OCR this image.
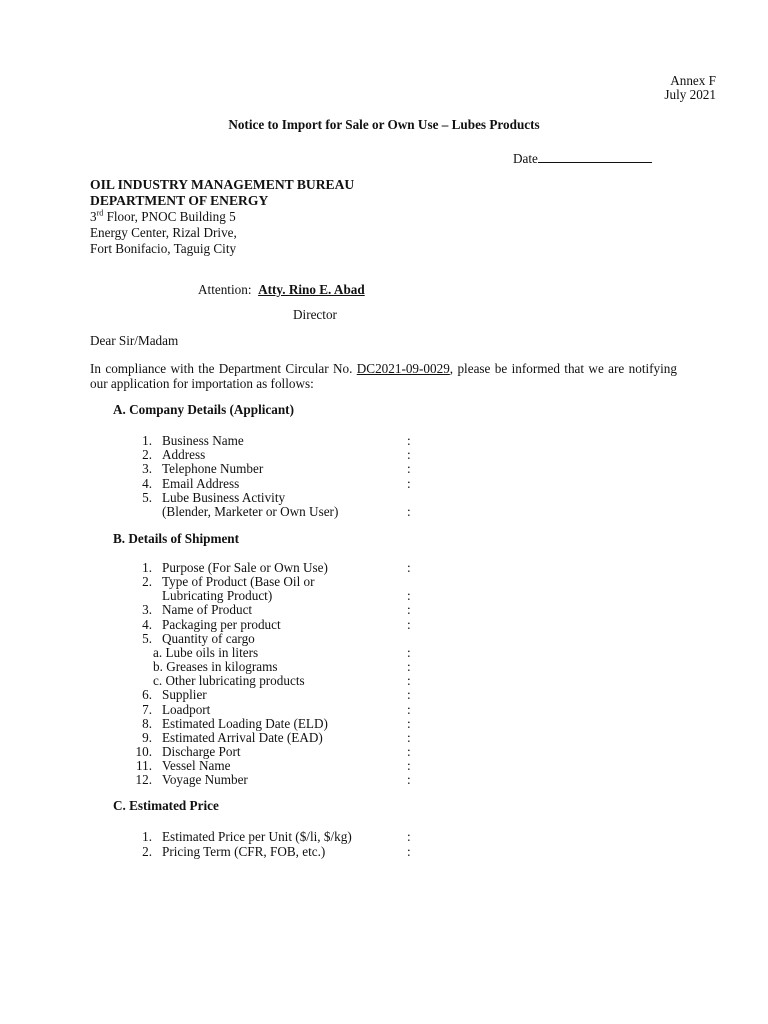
Annex F
July 2021
Notice to Import for Sale or Own Use – Lubes Products
Date
OIL INDUSTRY MANAGEMENT BUREAU
DEPARTMENT OF ENERGY
3rd Floor, PNOC Building 5
Energy Center, Rizal Drive,
Fort Bonifacio, Taguig City
Attention: Atty. Rino E. Abad
Director
Dear Sir/Madam
In compliance with the Department Circular No. DC2021-09-0029, please be informed that we are notifying our application for importation as follows:
A. Company Details (Applicant)
1. Business Name	:
2. Address	:
3. Telephone Number	:
4. Email Address	:
5. Lube Business Activity
(Blender, Marketer or Own User)	:
B. Details of Shipment
1. Purpose (For Sale or Own Use)	:
2. Type of Product (Base Oil or
Lubricating Product)	:
3. Name of Product	:
4. Packaging per product	:
5. Quantity of cargo
a. Lube oils in liters	:
b. Greases in kilograms	:
c. Other lubricating products	:
6. Supplier	:
7. Loadport	:
8. Estimated Loading Date (ELD)	:
9. Estimated Arrival Date (EAD)	:
10. Discharge Port	:
11. Vessel Name	:
12. Voyage Number	:
C. Estimated Price
1. Estimated Price per Unit ($/li, $/kg)	:
2. Pricing Term (CFR, FOB, etc.)	:
